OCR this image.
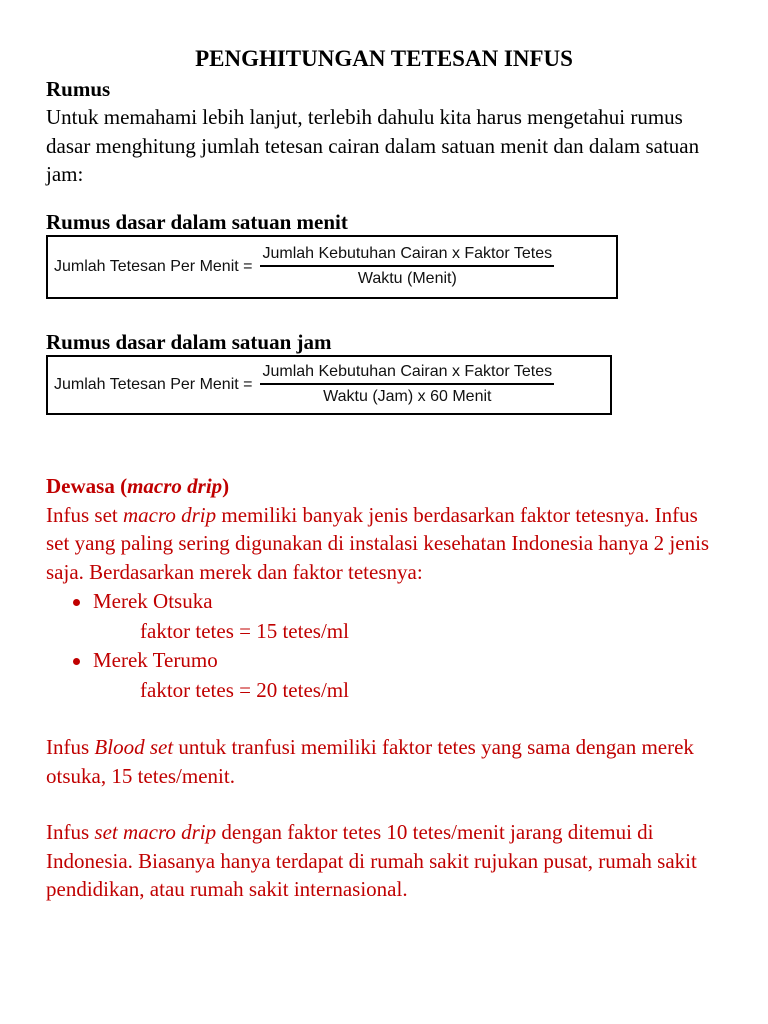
PENGHITUNGAN TETESAN INFUS
Rumus

Untuk memahami lebih lanjut, terlebih dahulu kita harus mengetahui rumus dasar menghitung jumlah tetesan cairan dalam satuan menit dan dalam satuan jam:

Rumus dasar dalam satuan menit
Jumlah Tetesan Per Menit = $\frac{\text{Jumlah Kebutuhan Cairan x Faktor Tetes}}{\text{Waktu (Menit)}}$
Rumus dasar dalam satuan jam
Jumlah Tetesan Per Menit = $\frac{\text{Jumlah Kebutuhan Cairan x Faktor Tetes}}{\text{Waktu (Jam) x 60 Menit}}$
Dewasa (macro drip)

Infus set macro drip memiliki banyak jenis berdasarkan faktor tetesnya. Infus set yang paling sering digunakan di instalasi kesehatan Indonesia hanya 2 jenis saja. Berdasarkan merek dan faktor tetesnya:

Merek Otsuka
faktor tetes = 15 tetes/ml
Merek Terumo
faktor tetes = 20 tetes/ml

Infus Blood set untuk tranfusi memiliki faktor tetes yang sama dengan merek otsuka, 15 tetes/menit.

Infus set macro drip dengan faktor tetes 10 tetes/menit jarang ditemui di Indonesia. Biasanya hanya terdapat di rumah sakit rujukan pusat, rumah sakit pendidikan, atau rumah sakit internasional.
